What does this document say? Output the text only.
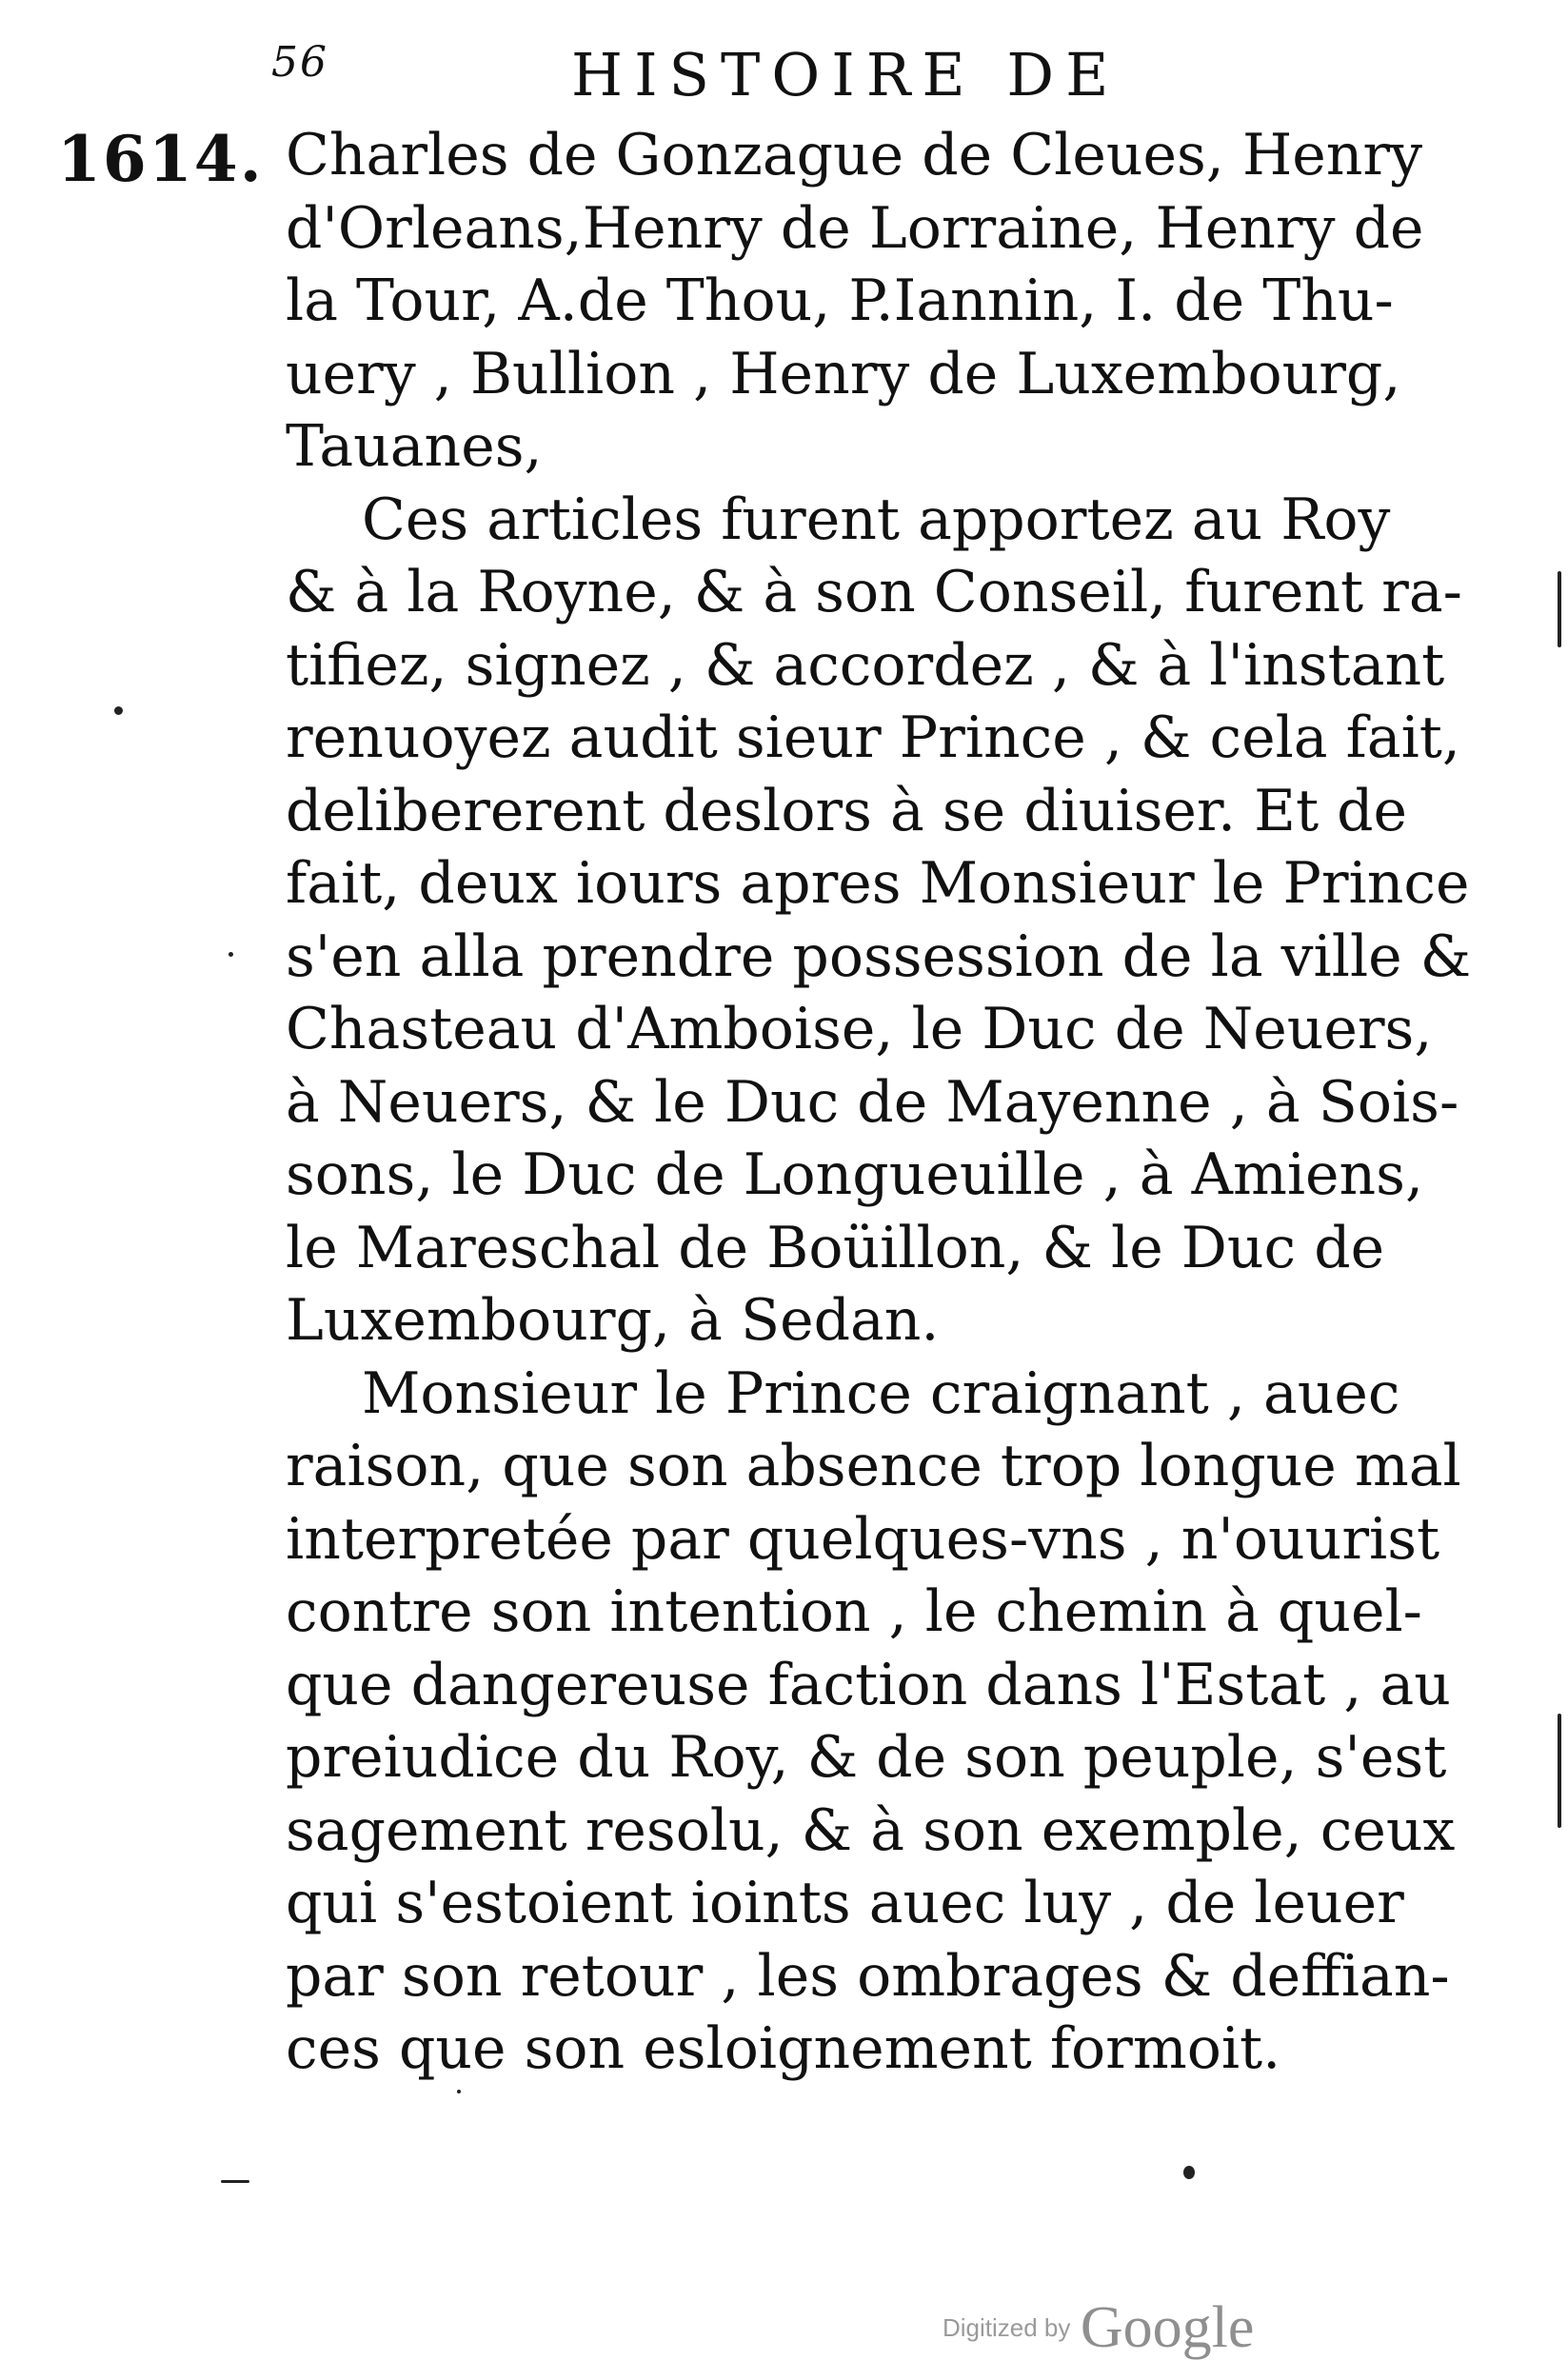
56	HISTOIRE DE
1614. Charles de Gonzague de Cleues, Henry
d'Orleans,Henry de Lorraine, Henry de
la Tour, A.de Thou, P.Iannin, I. de Thu-
uery , Bullion , Henry de Luxembourg,
Tauanes,
Ces articles furent apportez au Roy
& à la Royne, & à son Conseil, furent ra-
tifiez, signez , & accordez , & à l'instant
renuoyez audit sieur Prince , & cela fait,
delibererent deslors à se diuiser. Et de
fait, deux iours apres Monsieur le Prince
s'en alla prendre possession de la ville &
Chasteau d'Amboise, le Duc de Neuers,
à Neuers, & le Duc de Mayenne , à Sois-
sons, le Duc de Longueuille , à Amiens,
le Mareschal de Boüillon, & le Duc de
Luxembourg, à Sedan.
Monsieur le Prince craignant , auec
raison, que son absence trop longue mal
interpretée par quelques-vns , n'ouurist
contre son intention , le chemin à quel-
que dangereuse faction dans l'Estat , au
preiudice du Roy, & de son peuple, s'est
sagement resolu, & à son exemple, ceux
qui s'estoient ioints auec luy , de leuer
par son retour , les ombrages & deffian-
ces que son esloignement formoit.
Digitized by Google
